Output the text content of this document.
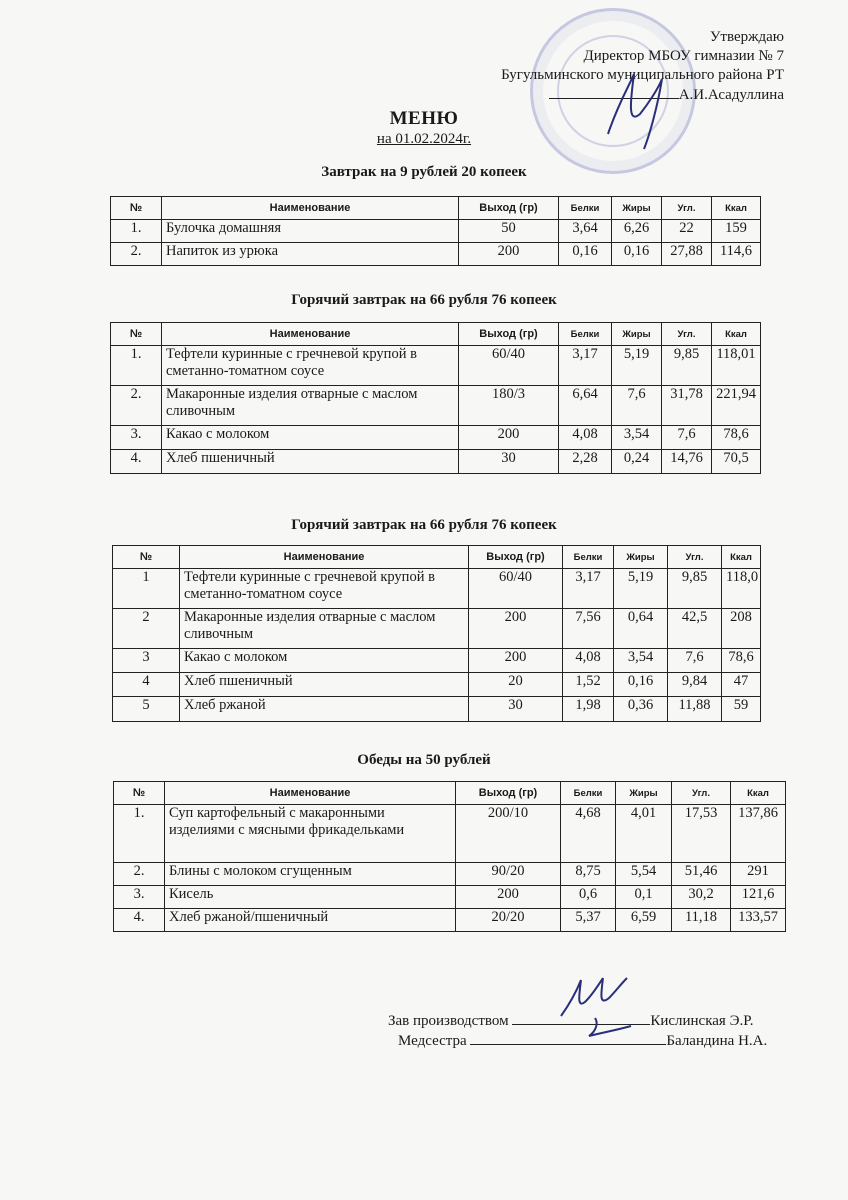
Утверждаю
Директор МБОУ гимназии № 7
Бугульминского муниципального района РТ
А.И.Асадуллина
МЕНЮ
на 01.02.2024г.
Завтрак на 9 рублей 20 копеек
№	Наименование	Выход (гр)	Белки	Жиры	Угл.	Ккал
1.	Булочка домашняя	50	3,64	6,26	22	159
2.	Напиток из урюка	200	0,16	0,16	27,88	114,6
Горячий завтрак на 66 рубля 76 копеек
№	Наименование	Выход (гр)	Белки	Жиры	Угл.	Ккал
1.	Тефтели куринные с гречневой крупой в сметанно-томатном соусе	60/40	3,17	5,19	9,85	118,01
2.	Макаронные изделия отварные с маслом сливочным	180/3	6,64	7,6	31,78	221,94
3.	Какао с молоком	200	4,08	3,54	7,6	78,6
4.	Хлеб пшеничный	30	2,28	0,24	14,76	70,5
Горячий завтрак на 66 рубля 76 копеек
№	Наименование	Выход (гр)	Белки	Жиры	Угл.	Ккал
1	Тефтели куринные с гречневой крупой в сметанно-томатном соусе	60/40	3,17	5,19	9,85	118,0
2	Макаронные изделия отварные с маслом сливочным	200	7,56	0,64	42,5	208
3	Какао с молоком	200	4,08	3,54	7,6	78,6
4	Хлеб пшеничный	20	1,52	0,16	9,84	47
5	Хлеб ржаной	30	1,98	0,36	11,88	59
Обеды на 50 рублей
№	Наименование	Выход (гр)	Белки	Жиры	Угл.	Ккал
1.	Суп картофельный с макаронными изделиями с мясными фрикадельками	200/10	4,68	4,01	17,53	137,86
2.	Блины с молоком сгущенным	90/20	8,75	5,54	51,46	291
3.	Кисель	200	0,6	0,1	30,2	121,6
4.	Хлеб ржаной/пшеничный	20/20	5,37	6,59	11,18	133,57
Зав производством	Кислинская Э.Р.
Медсестра	Баландина Н.А.
